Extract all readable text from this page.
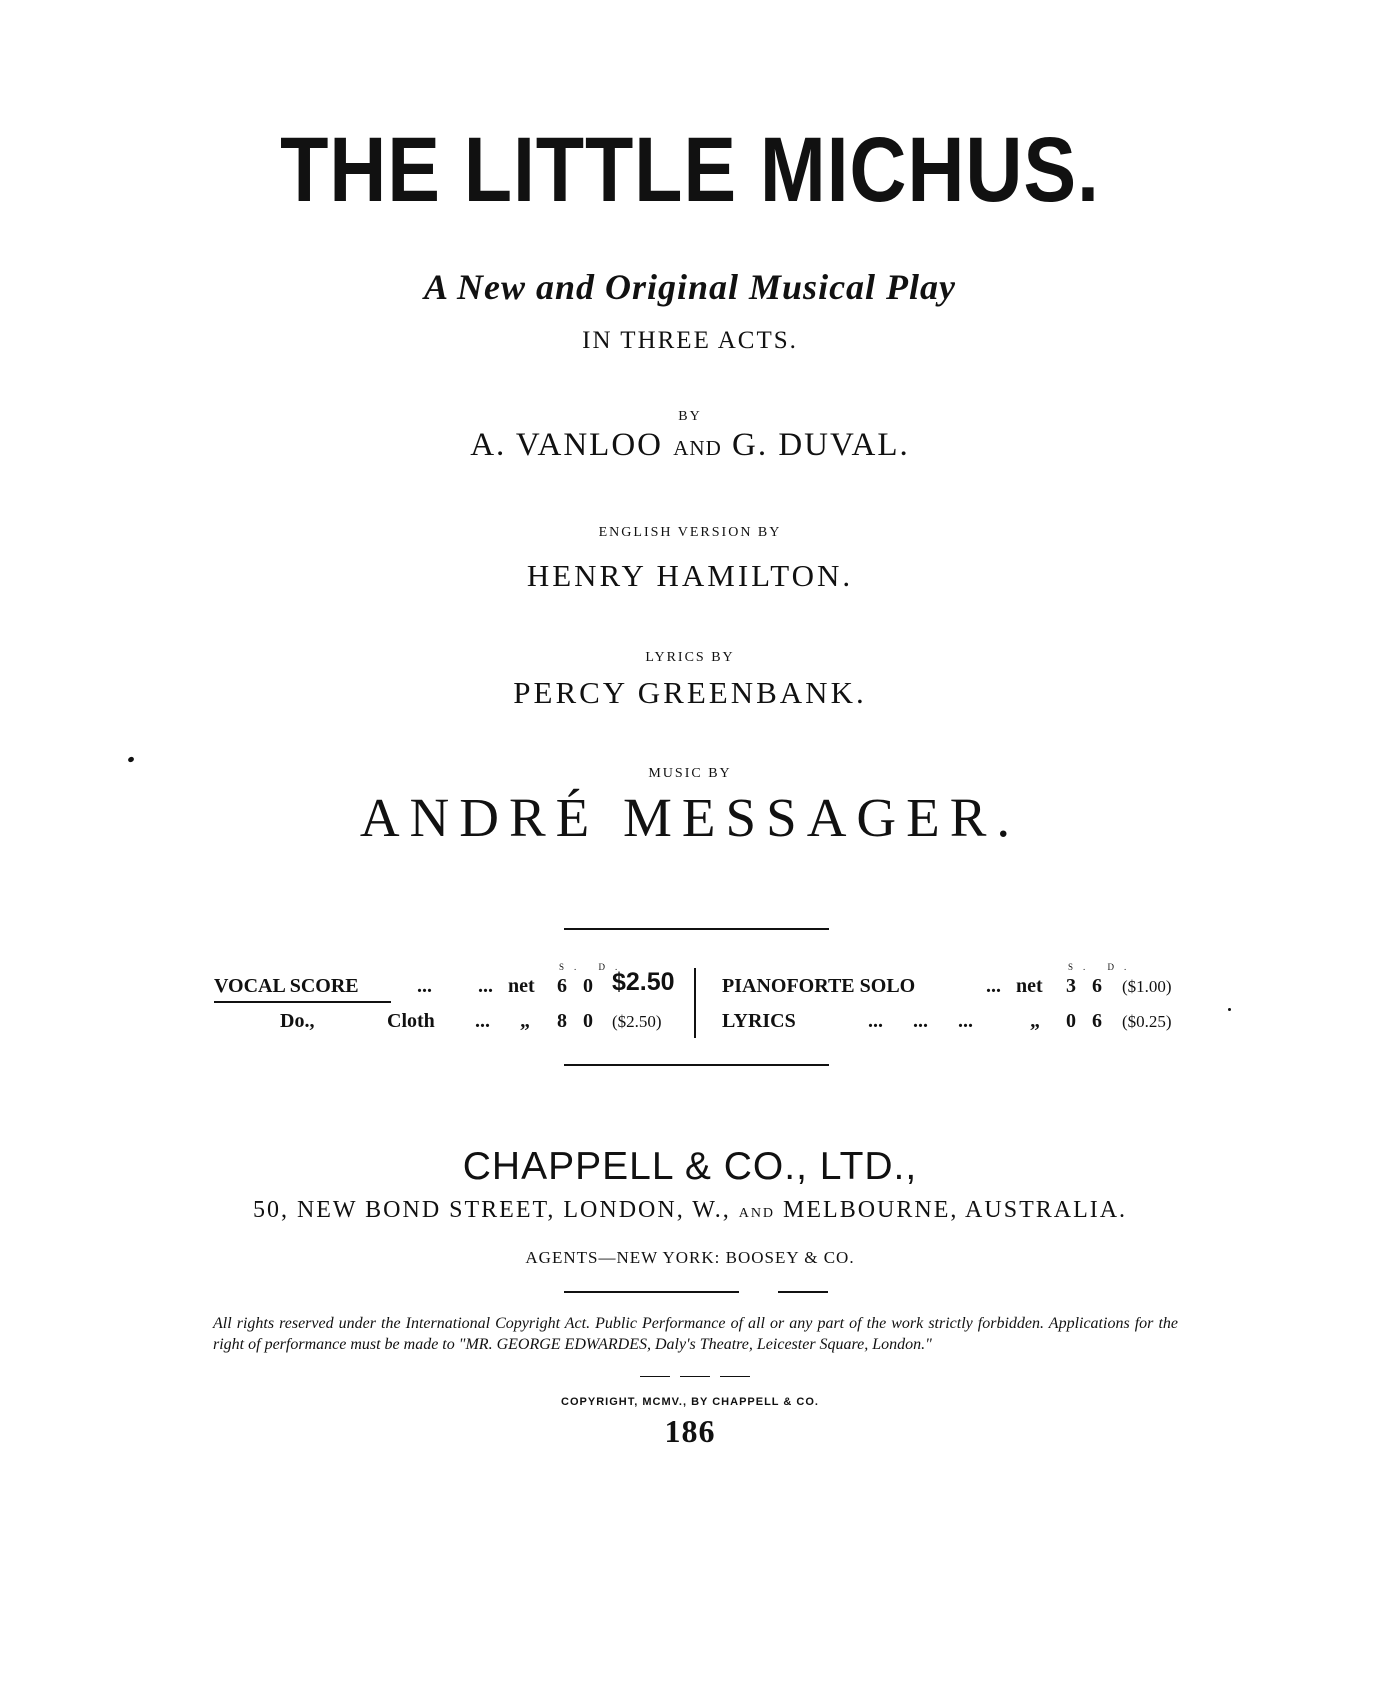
THE LITTLE MICHUS.
A New and Original Musical Play
IN THREE ACTS.
BY
A. VANLOO AND G. DUVAL.
ENGLISH VERSION BY
HENRY HAMILTON.
LYRICS BY
PERCY GREENBANK.
MUSIC BY
ANDRÉ MESSAGER.
S. D.	S. D.
VOCAL SCORE	... ... net 6 0 $2.50
Do.,	Cloth ... „ 8 0 ($2.50)
PIANOFORTE SOLO	... net 3 6 ($1.00)
LYRICS	...      ...      ...	„ 0 6 ($0.25)
CHAPPELL & CO., LTD.,
50, NEW BOND STREET, LONDON, W., AND MELBOURNE, AUSTRALIA.
AGENTS—NEW YORK: BOOSEY & CO.
All rights reserved under the International Copyright Act. Public Performance of all or any part of the work strictly forbidden. Applications for the right of performance must be made to "MR. GEORGE EDWARDES, Daly's Theatre, Leicester Square, London."
COPYRIGHT, MCMV., BY CHAPPELL & CO.
186
